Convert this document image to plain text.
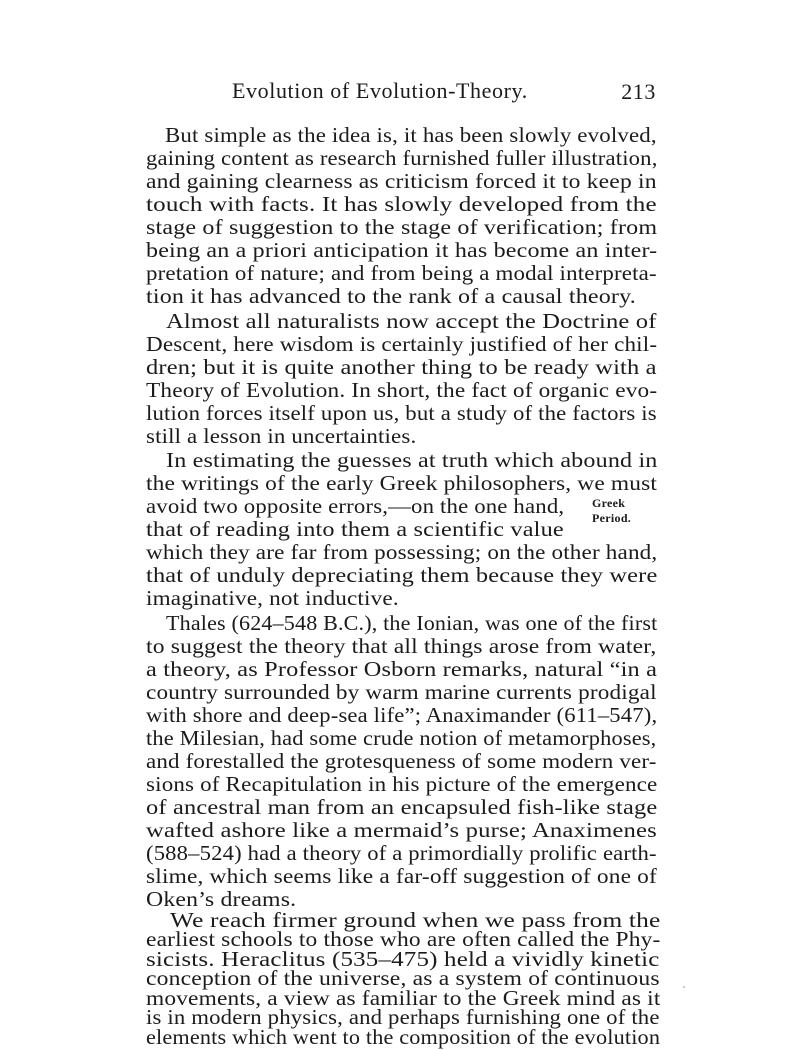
Evolution of Evolution-Theory.	213
But simple as the idea is, it has been slowly evolved,
gaining content as research furnished fuller illustration,
and gaining clearness as criticism forced it to keep in
touch with facts. It has slowly developed from the
stage of suggestion to the stage of verification; from
being an a priori anticipation it has become an inter-
pretation of nature; and from being a modal interpreta-
tion it has advanced to the rank of a causal theory.
Almost all naturalists now accept the Doctrine of
Descent, here wisdom is certainly justified of her chil-
dren; but it is quite another thing to be ready with a
Theory of Evolution. In short, the fact of organic evo-
lution forces itself upon us, but a study of the factors is
still a lesson in uncertainties.
In estimating the guesses at truth which abound in
the writings of the early Greek philosophers, we must
avoid two opposite errors,—on the one hand,
that of reading into them a scientific value
which they are far from possessing; on the other hand,
that of unduly depreciating them because they were
imaginative, not inductive.
Thales (624–548 B.C.), the Ionian, was one of the first
to suggest the theory that all things arose from water,
a theory, as Professor Osborn remarks, natural “in a
country surrounded by warm marine currents prodigal
with shore and deep-sea life”; Anaximander (611–547),
the Milesian, had some crude notion of metamorphoses,
and forestalled the grotesqueness of some modern ver-
sions of Recapitulation in his picture of the emergence
of ancestral man from an encapsuled fish-like stage
wafted ashore like a mermaid’s purse; Anaximenes
(588–524) had a theory of a primordially prolific earth-
slime, which seems like a far-off suggestion of one of
Oken’s dreams.
We reach firmer ground when we pass from the
earliest schools to those who are often called the Phy-
sicists. Heraclitus (535–475) held a vividly kinetic
conception of the universe, as a system of continuous
movements, a view as familiar to the Greek mind as it
is in modern physics, and perhaps furnishing one of the
elements which went to the composition of the evolution
Greek
Period.
